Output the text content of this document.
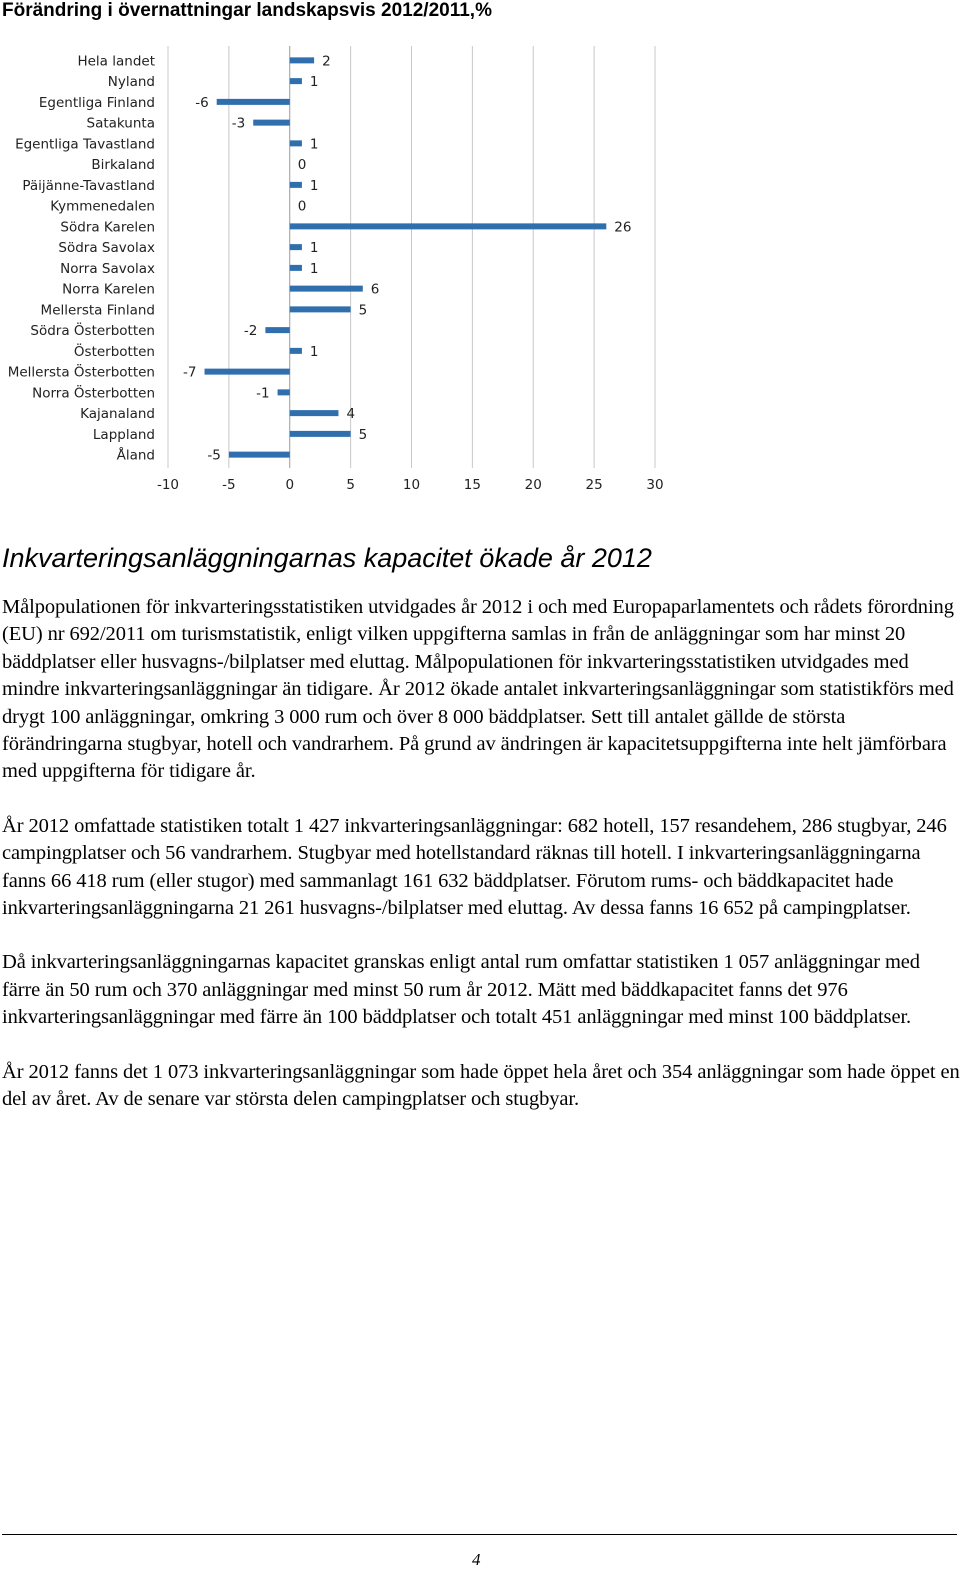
Förändring i övernattningar landskapsvis 2012/2011,%
-10	-5	0	5	10	15	20	25	30
Hela landet	2
Nyland	1
Egentliga Finland	-6
Satakunta	-3
Egentliga Tavastland	1
Birkaland	0
Päijänne-Tavastland	1
Kymmenedalen	0
Södra Karelen	26
Södra Savolax	1
Norra Savolax	1
Norra Karelen	6
Mellersta Finland	5
Södra Österbotten	-2
Österbotten	1
Mellersta Österbotten -7
Norra Österbotten	-1
Kajanaland	4
Lappland	5
Åland	-5
Inkvarteringsanläggningarnas kapacitet ökade år 2012

Målpopulationen för inkvarteringsstatistiken utvidgades år 2012 i och med Europaparlamentets och rådets förordning (EU) nr 692/2011 om turismstatistik, enligt vilken uppgifterna samlas in från de anläggningar som har minst 20 bäddplatser eller husvagns-/bilplatser med eluttag. Målpopulationen för inkvarteringsstatistiken utvidgades med mindre inkvarteringsanläggningar än tidigare. År 2012 ökade antalet inkvarteringsanläggningar som statistikförs med drygt 100 anläggningar, omkring 3 000 rum och över 8 000 bäddplatser. Sett till antalet gällde de största förändringarna stugbyar, hotell och vandrarhem. På grund av ändringen är kapacitetsuppgifterna inte helt jämförbara med uppgifterna för tidigare år.

År 2012 omfattade statistiken totalt 1 427 inkvarteringsanläggningar: 682 hotell, 157 resandehem, 286 stugbyar, 246 campingplatser och 56 vandrarhem. Stugbyar med hotellstandard räknas till hotell. I inkvarteringsanläggningarna fanns 66 418 rum (eller stugor) med sammanlagt 161 632 bäddplatser. Förutom rums- och bäddkapacitet hade inkvarteringsanläggningarna 21 261 husvagns-/bilplatser med eluttag. Av dessa fanns 16 652 på campingplatser.

Då inkvarteringsanläggningarnas kapacitet granskas enligt antal rum omfattar statistiken 1 057 anläggningar med färre än 50 rum och 370 anläggningar med minst 50 rum år 2012. Mätt med bäddkapacitet fanns det 976 inkvarteringsanläggningar med färre än 100 bäddplatser och totalt 451 anläggningar med minst 100 bäddplatser.

År 2012 fanns det 1 073 inkvarteringsanläggningar som hade öppet hela året och 354 anläggningar som hade öppet en del av året. Av de senare var största delen campingplatser och stugbyar.

4
